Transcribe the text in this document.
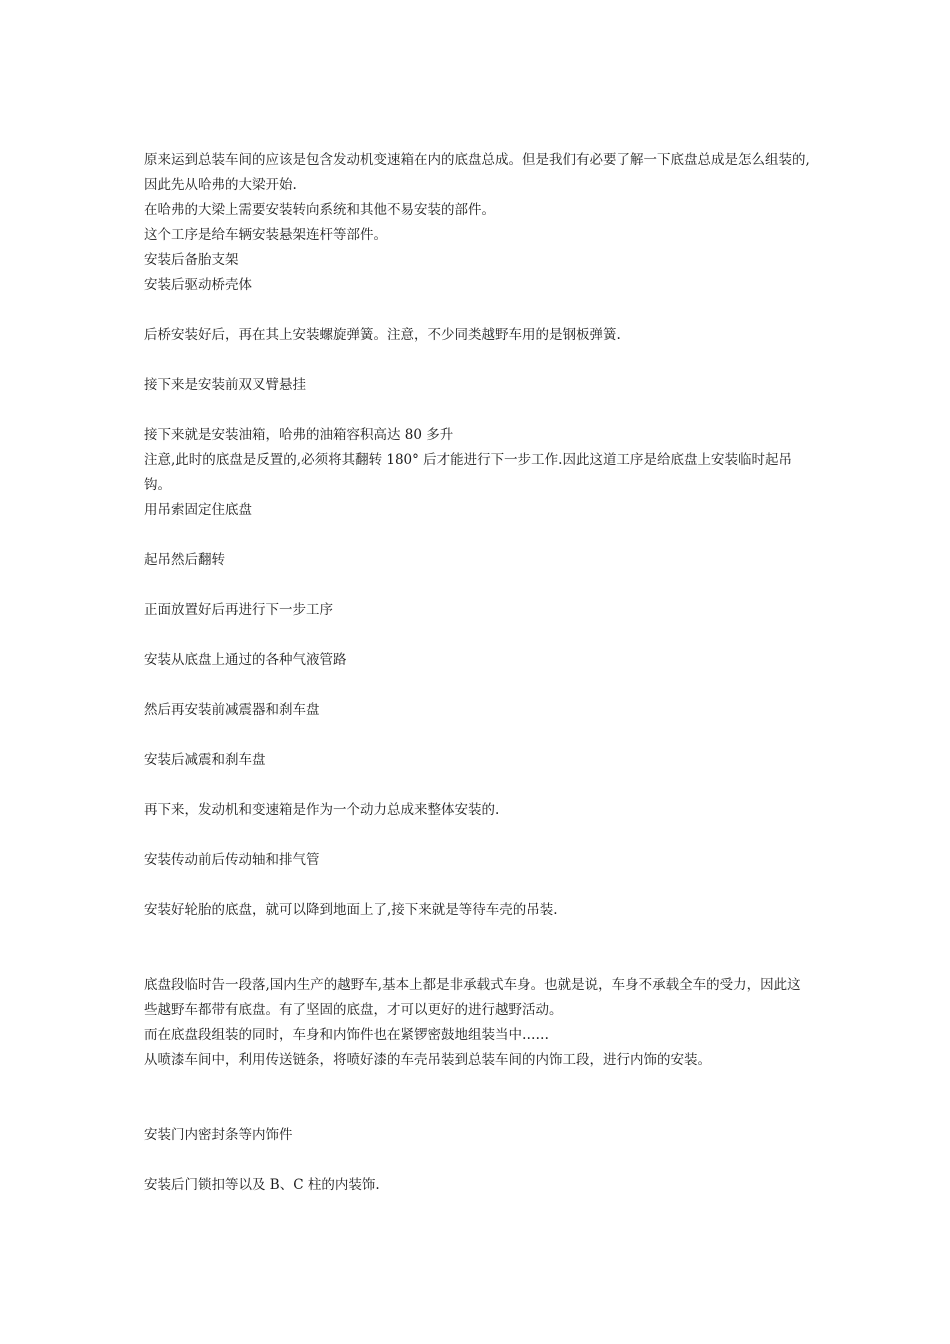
原来运到总装车间的应该是包含发动机变速箱在内的底盘总成。但是我们有必要了解一下底盘总成是怎么组装的,因此先从哈弗的大梁开始.
在哈弗的大梁上需要安装转向系统和其他不易安装的部件。
这个工序是给车辆安装悬架连杆等部件。
安装后备胎支架
安装后驱动桥壳体
后桥安装好后，再在其上安装螺旋弹簧。注意，不少同类越野车用的是钢板弹簧.
接下来是安装前双叉臂悬挂
接下来就是安装油箱，哈弗的油箱容积高达 80 多升
注意,此时的底盘是反置的,必须将其翻转 180° 后才能进行下一步工作.因此这道工序是给底盘上安装临时起吊钩。
用吊索固定住底盘
起吊然后翻转
正面放置好后再进行下一步工序
安装从底盘上通过的各种气液管路
然后再安装前减震器和刹车盘
安装后减震和刹车盘
再下来，发动机和变速箱是作为一个动力总成来整体安装的.
安装传动前后传动轴和排气管
安装好轮胎的底盘，就可以降到地面上了,接下来就是等待车壳的吊装.
底盘段临时告一段落,国内生产的越野车,基本上都是非承载式车身。也就是说，车身不承载全车的受力，因此这些越野车都带有底盘。有了坚固的底盘，才可以更好的进行越野活动。
而在底盘段组装的同时，车身和内饰件也在紧锣密鼓地组装当中……
从喷漆车间中，利用传送链条，将喷好漆的车壳吊装到总装车间的内饰工段，进行内饰的安装。
安装门内密封条等内饰件
安装后门锁扣等以及 B、C 柱的内装饰.
